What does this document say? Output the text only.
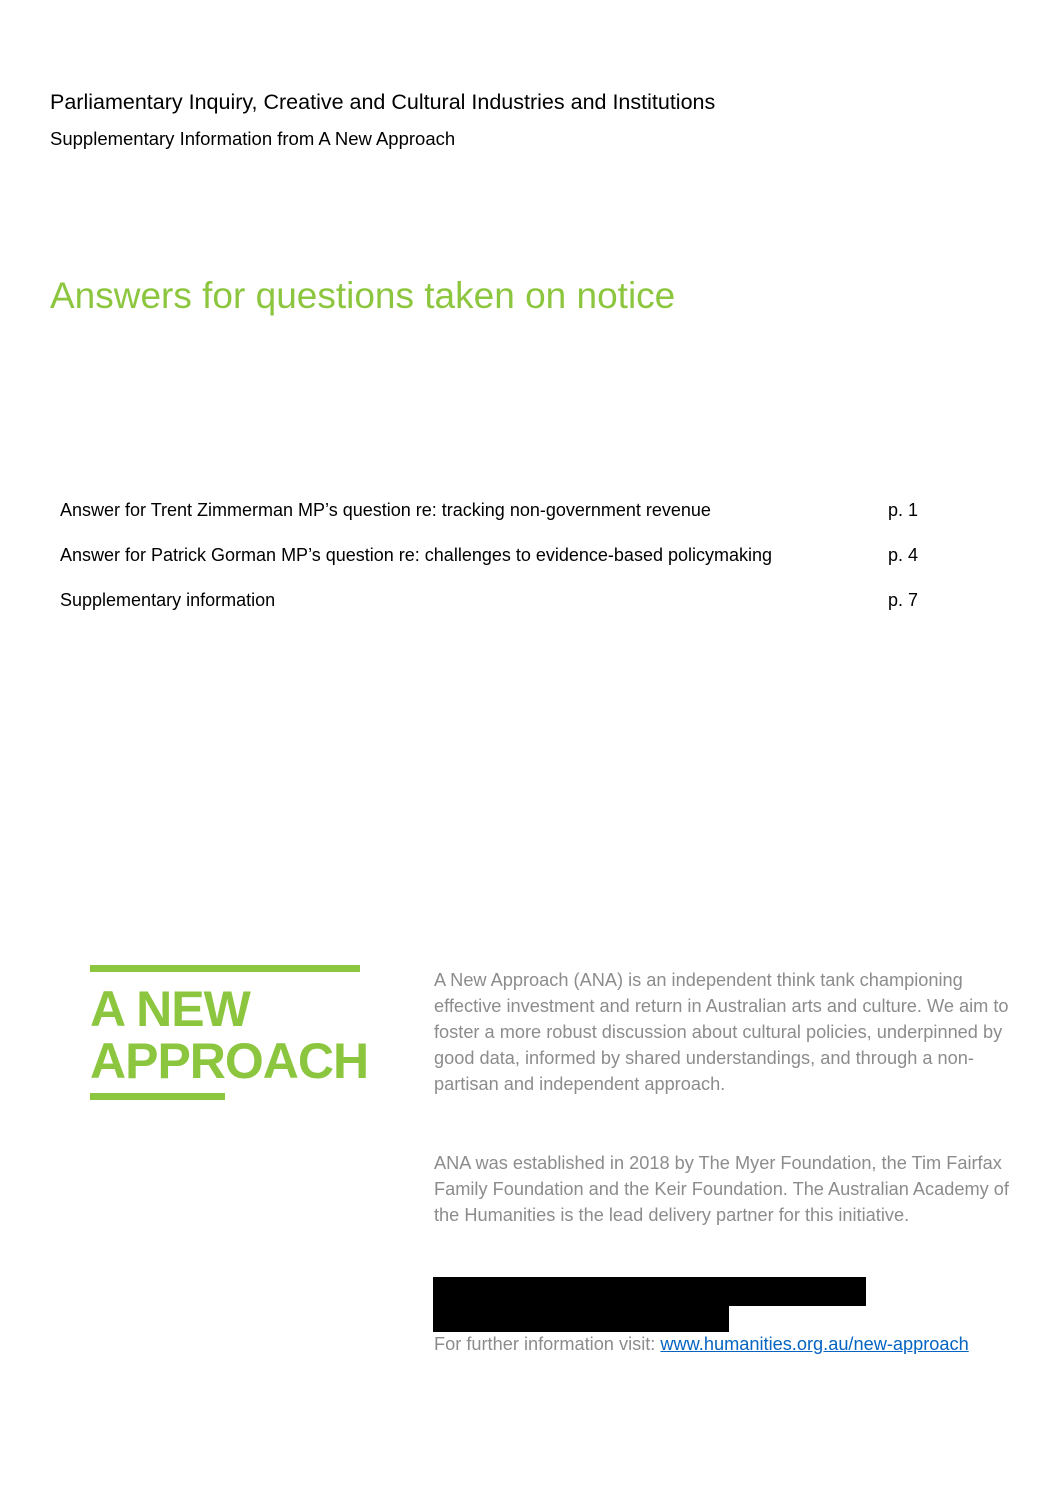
Parliamentary Inquiry, Creative and Cultural Industries and Institutions
Supplementary Information from A New Approach
Answers for questions taken on notice
Answer for Trent Zimmerman MP’s question re: tracking non-government revenue	p. 1
Answer for Patrick Gorman MP’s question re: challenges to evidence-based policymaking	p. 4
Supplementary information	p. 7
A NEW
APPROACH

A New Approach (ANA) is an independent think tank championing effective investment and return in Australian arts and culture. We aim to foster a more robust discussion about cultural policies, underpinned by good data, informed by shared understandings, and through a non-partisan and independent approach.

ANA was established in 2018 by The Myer Foundation, the Tim Fairfax Family Foundation and the Keir Foundation. The Australian Academy of the Humanities is the lead delivery partner for this initiative.

For further information visit: www.humanities.org.au/new-approach
